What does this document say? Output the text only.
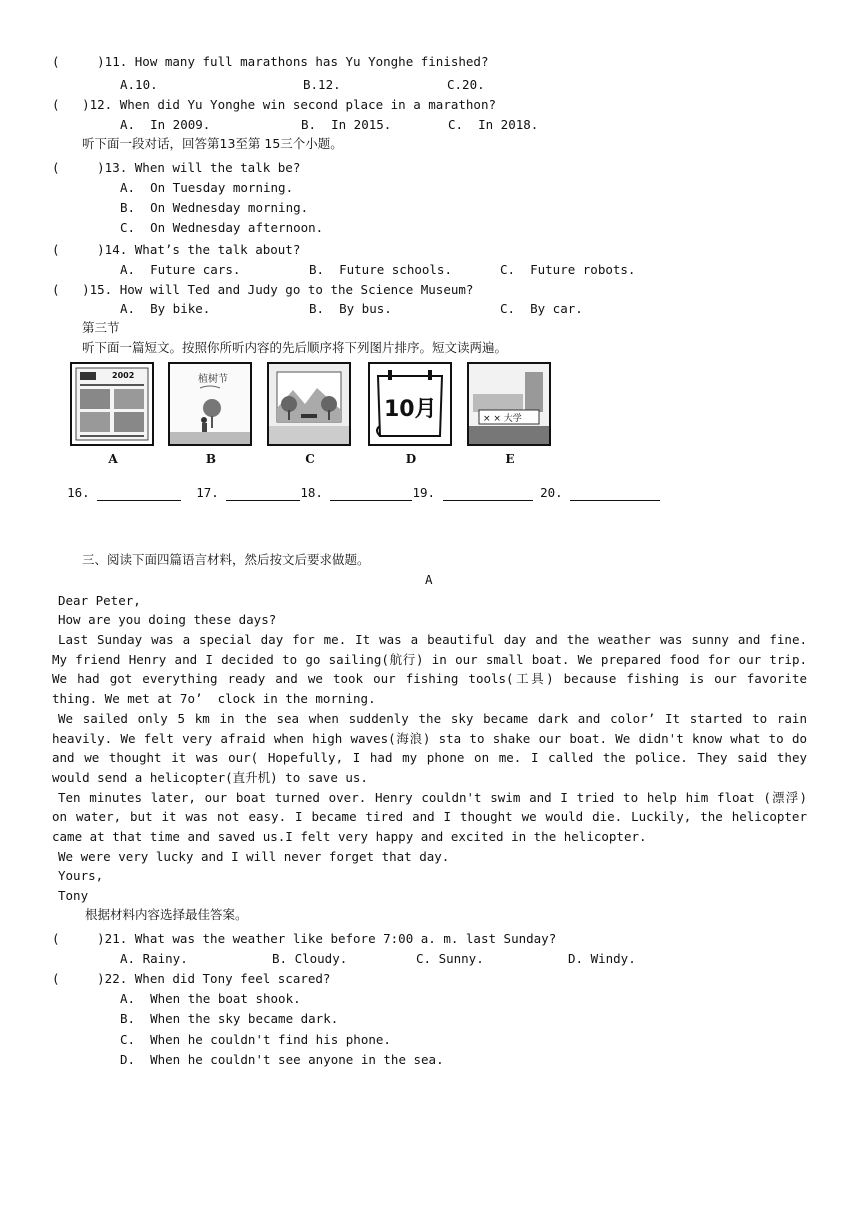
(     )11. How many full marathons has Yu Yonghe finished?
A.10.	B.12.	C.20.
(   )12. When did Yu Yonghe win second place in a marathon?
A.  In 2009.	B.  In 2015.	C.  In 2018.
听下面一段对话，回答第13至第 15三个小题。
(     )13. When will the talk be?
A.  On Tuesday morning.
B.  On Wednesday morning.
C.  On Wednesday afternoon.
(     )14. What’s the talk about?
A.  Future cars.	B.  Future schools.	C.  Future robots.
(   )15. How will Ted and Judy go to the Science Museum?
A.  By bike.	B.  By bus.	C.  By car.
第三节
听下面一篇短文。按照你所听内容的先后顺序将下列图片排序。短文读两遍。
2002
A
植树节
B	C
10月
D
× × 大学
E

16.	17.	18.	19.	20.

三、阅读下面四篇语言材料，然后按文后要求做题。
A
Dear Peter,
How are you doing these days?
Last Sunday was a special day for me. It was a beautiful day and the weather was sunny and fine.
My friend Henry and I decided to go sailing(航行) in our small boat. We prepared food for our trip.
We had got everything ready and we took our fishing tools(工具) because fishing is our favorite
thing. We met at 7o’  clock in the morning.
We sailed only 5 km in the sea when suddenly the sky became dark and color’ It started to rain
heavily. We felt very afraid when high waves(海浪) sta to shake our boat. We didn't know what to do
and we thought it was our( Hopefully, I had my phone on me. I called the police. They said they
would send a helicopter(直升机) to save us.
Ten minutes later, our boat turned over. Henry couldn't swim and I tried to help him float (漂浮)
on water, but it was not easy. I became tired and I thought we would die. Luckily, the helicopter
came at that time and saved us.I felt very happy and excited in the helicopter.
We were very lucky and I will never forget that day.
Yours,
Tony
根据材料内容选择最佳答案。
(     )21. What was the weather like before 7:00 a. m. last Sunday?
A. Rainy.	B. Cloudy.	C. Sunny.	D. Windy.
(     )22. When did Tony feel scared?
A.  When the boat shook.
B.  When the sky became dark.
C.  When he couldn't find his phone.
D.  When he couldn't see anyone in the sea.
